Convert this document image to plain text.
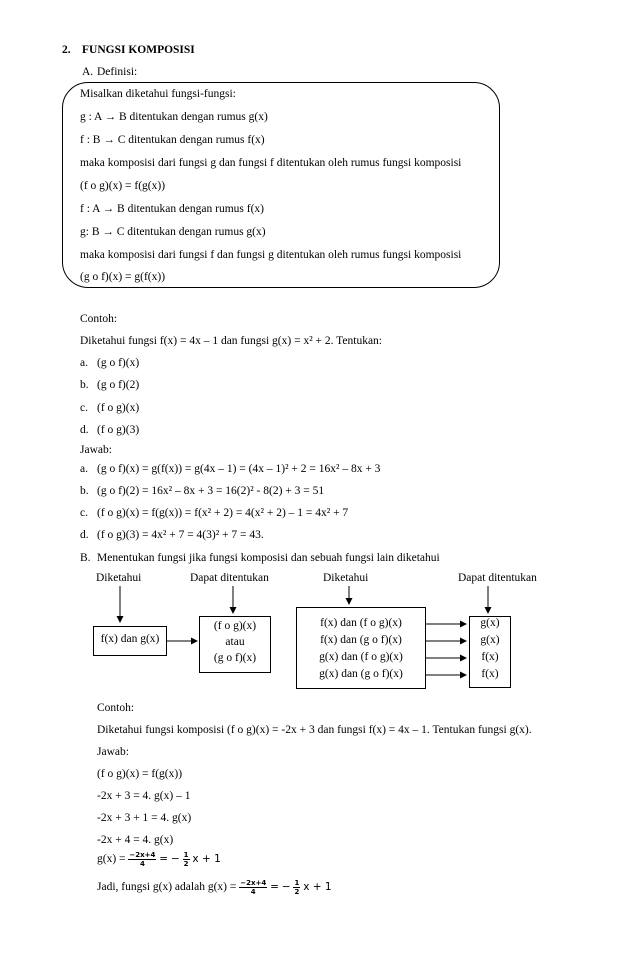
2. FUNGSI KOMPOSISI
A. Definisi:
Misalkan diketahui fungsi-fungsi:
g : A → B ditentukan dengan rumus g(x)
f : B → C ditentukan dengan rumus f(x)
maka komposisi dari fungsi g dan fungsi f ditentukan oleh rumus fungsi komposisi
(f o g)(x) = f(g(x))
f : A → B ditentukan dengan rumus f(x)
g: B → C ditentukan dengan rumus g(x)
maka komposisi dari fungsi f dan fungsi g ditentukan oleh rumus fungsi komposisi
(g o f)(x) = g(f(x))
Contoh:
Diketahui fungsi f(x) = 4x – 1 dan fungsi g(x) = x² + 2. Tentukan:
a. (g o f)(x)
b. (g o f)(2)
c. (f o g)(x)
d. (f o g)(3)
Jawab:
a. (g o f)(x) = g(f(x)) = g(4x – 1) = (4x – 1)² + 2 = 16x² – 8x + 3
b. (g o f)(2) = 16x² – 8x + 3 = 16(2)² - 8(2) + 3 = 51
c. (f o g)(x) = f(g(x)) = f(x² + 2) = 4(x² + 2) – 1 = 4x² + 7
d. (f o g)(3) = 4x² + 7 = 4(3)² + 7 = 43.
B. Menentukan fungsi jika fungsi komposisi dan sebuah fungsi lain diketahui
Diketahui	Dapat ditentukan	Diketahui	Dapat ditentukan
f(x) dan g(x)
(f o g)(x)
atau
(g o f)(x)
f(x) dan (f o g)(x)
f(x) dan (g o f)(x)
g(x) dan (f o g)(x)
g(x) dan (g o f)(x)
g(x)
g(x)
f(x)
f(x)
Contoh:
Diketahui fungsi komposisi (f o g)(x) = -2x + 3 dan fungsi f(x) = 4x – 1. Tentukan fungsi g(x).
Jawab:
(f o g)(x) = f(g(x))
-2x + 3 = 4. g(x) – 1
-2x + 3 + 1 = 4. g(x)
-2x + 4 = 4. g(x)
$g(x) = \frac{-2x+4}{4}$ = − $\frac{1}{2}$ x + 1
Jadi, fungsi g(x) adalah $g(x) = \frac{-2x+4}{4}$ = − $\frac{1}{2}$ x + 1
